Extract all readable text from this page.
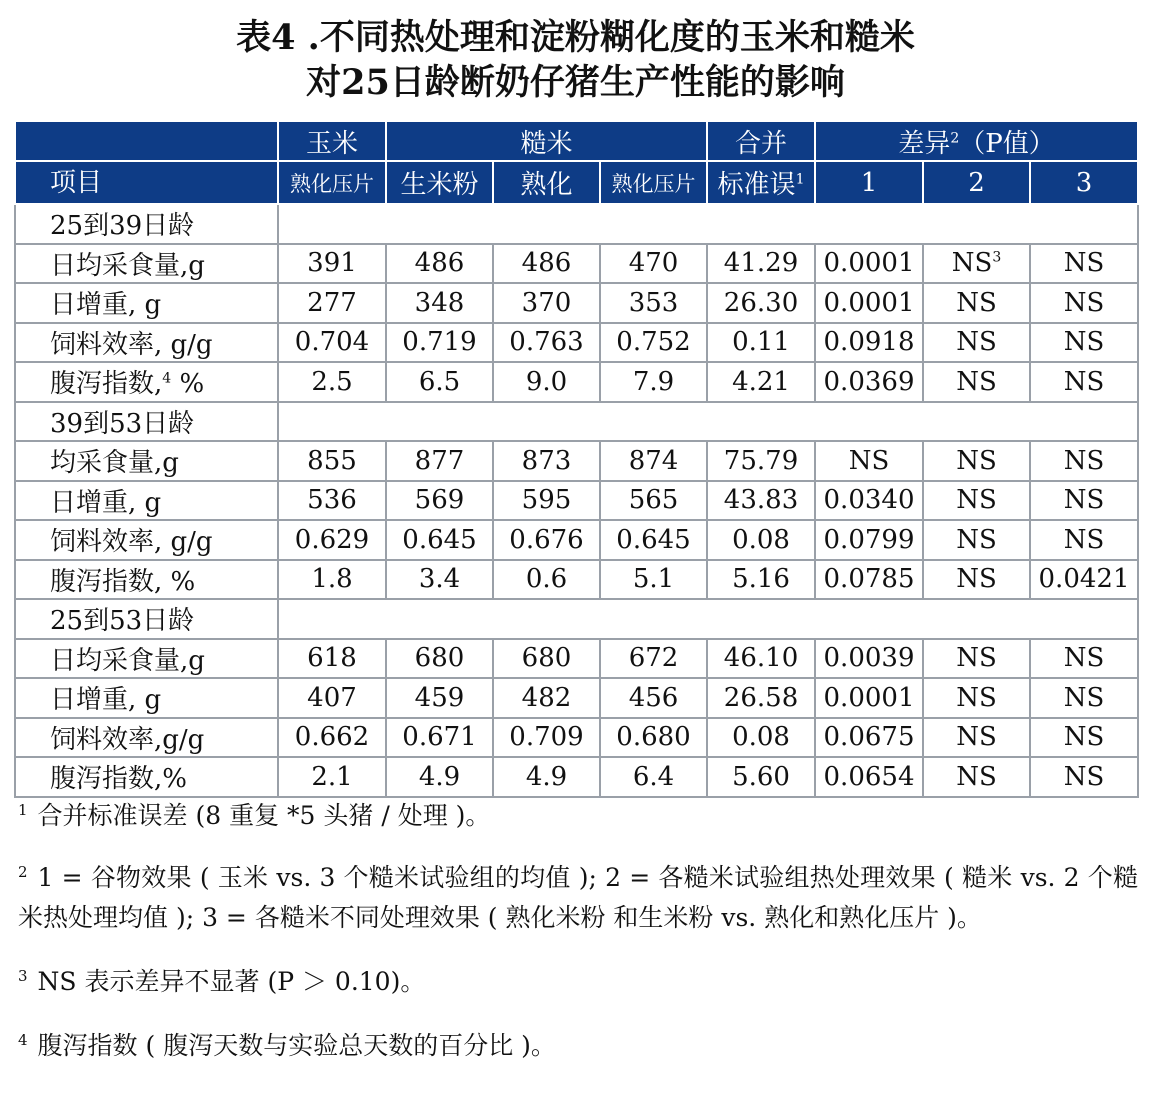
表4 .不同热处理和淀粉糊化度的玉米和糙米
对25日龄断奶仔猪生产性能的影响
	玉米	糙米			合并	差异$^2$（P值）		
项目	熟化压片	生米粉	熟化	熟化压片	标准误$^1$	1	2	3
25到39日龄								
日均采食量,g	391	486	486	470	41.29	0.0001	$NS^3$	NS
日增重, g	277	348	370	353	26.30	0.0001	NS	NS
饲料效率, g/g	0.704	0.719	0.763	0.752	0.11	0.0918	NS	NS
腹泻指数,$^4$ %	2.5	6.5	9.0	7.9	4.21	0.0369	NS	NS
39到53日龄								
均采食量,g	855	877	873	874	75.79	NS	NS	NS
日增重, g	536	569	595	565	43.83	0.0340	NS	NS
饲料效率, g/g	0.629	0.645	0.676	0.645	0.08	0.0799	NS	NS
腹泻指数, %	1.8	3.4	0.6	5.1	5.16	0.0785	NS	0.0421
25到53日龄								
日均采食量,g	618	680	680	672	46.10	0.0039	NS	NS
日增重, g	407	459	482	456	26.58	0.0001	NS	NS
饲料效率,g/g	0.662	0.671	0.709	0.680	0.08	0.0675	NS	NS
腹泻指数,%	2.1	4.9	4.9	6.4	5.60	0.0654	NS	NS

$^1$ 合并标准误差 (8 重复 *5 头猪 / 处理 )。

$^2$ 1 = 谷物效果 ( 玉米 vs. 3 个糙米试验组的均值 ); 2 = 各糙米试验组热处理效果 ( 糙米 vs. 2 个糙米热处理均值 ); 3 = 各糙米不同处理效果 ( 熟化米粉 和生米粉 vs. 熟化和熟化压片 )。

$^3$ NS 表示差异不显著 (P ＞ 0.10)。

$^4$ 腹泻指数 ( 腹泻天数与实验总天数的百分比 )。
